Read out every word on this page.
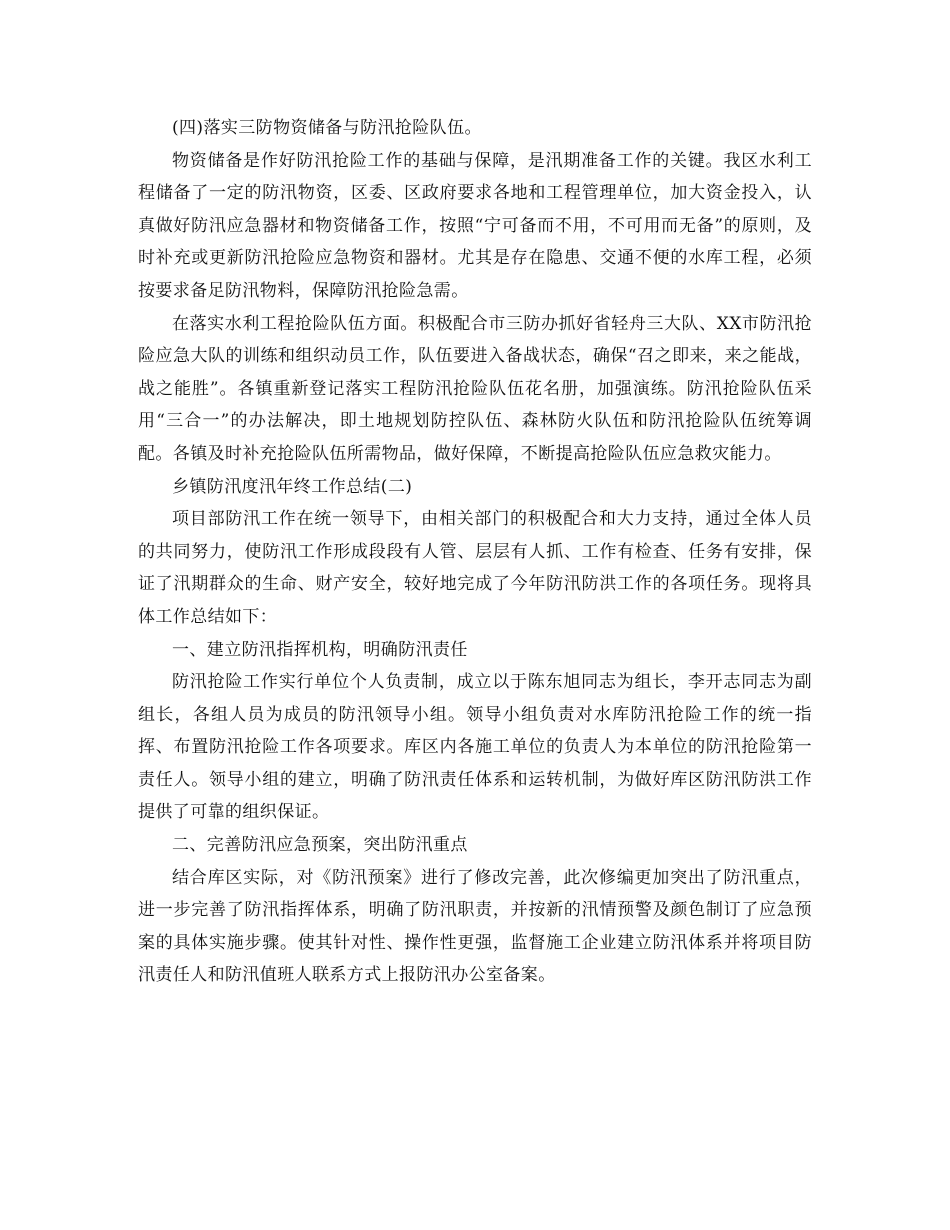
(四)落实三防物资储备与防汛抢险队伍。

物资储备是作好防汛抢险工作的基础与保障，是汛期准备工作的关键。我区水利工程储备了一定的防汛物资，区委、区政府要求各地和工程管理单位，加大资金投入，认真做好防汛应急器材和物资储备工作，按照“宁可备而不用，不可用而无备”的原则，及时补充或更新防汛抢险应急物资和器材。尤其是存在隐患、交通不便的水库工程，必须按要求备足防汛物料，保障防汛抢险急需。

在落实水利工程抢险队伍方面。积极配合市三防办抓好省轻舟三大队、XX市防汛抢险应急大队的训练和组织动员工作，队伍要进入备战状态，确保“召之即来，来之能战，战之能胜”。各镇重新登记落实工程防汛抢险队伍花名册，加强演练。防汛抢险队伍采用“三合一”的办法解决，即土地规划防控队伍、森林防火队伍和防汛抢险队伍统筹调配。各镇及时补充抢险队伍所需物品，做好保障，不断提高抢险队伍应急救灾能力。

乡镇防汛度汛年终工作总结(二)

项目部防汛工作在统一领导下，由相关部门的积极配合和大力支持，通过全体人员的共同努力，使防汛工作形成段段有人管、层层有人抓、工作有检查、任务有安排，保证了汛期群众的生命、财产安全，较好地完成了今年防汛防洪工作的各项任务。现将具体工作总结如下：

一、建立防汛指挥机构，明确防汛责任

防汛抢险工作实行单位个人负责制，成立以于陈东旭同志为组长，李开志同志为副组长，各组人员为成员的防汛领导小组。领导小组负责对水库防汛抢险工作的统一指挥、布置防汛抢险工作各项要求。库区内各施工单位的负责人为本单位的防汛抢险第一责任人。领导小组的建立，明确了防汛责任体系和运转机制，为做好库区防汛防洪工作提供了可靠的组织保证。

二、完善防汛应急预案，突出防汛重点

结合库区实际，对《防汛预案》进行了修改完善，此次修编更加突出了防汛重点，进一步完善了防汛指挥体系，明确了防汛职责，并按新的汛情预警及颜色制订了应急预案的具体实施步骤。使其针对性、操作性更强，监督施工企业建立防汛体系并将项目防汛责任人和防汛值班人联系方式上报防汛办公室备案。
